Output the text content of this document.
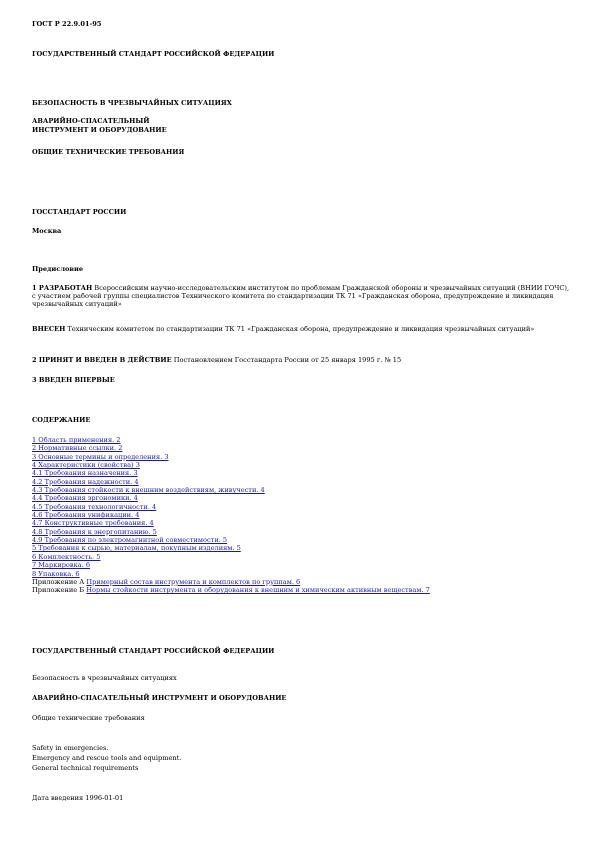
ГОСТ Р 22.9.01-95
ГОСУДАРСТВЕННЫЙ СТАНДАРТ РОССИЙСКОЙ ФЕДЕРАЦИИ
БЕЗОПАСНОСТЬ В ЧРЕЗВЫЧАЙНЫХ СИТУАЦИЯХ
АВАРИЙНО-СПАСАТЕЛЬНЫЙ
ИНСТРУМЕНТ И ОБОРУДОВАНИЕ
ОБЩИЕ ТЕХНИЧЕСКИЕ ТРЕБОВАНИЯ
ГОССТАНДАРТ РОССИИ
Москва
Предисловие
1 РАЗРАБОТАН Всероссийским научно-исследовательским институтом по проблемам Гражданской обороны и чрезвычайных ситуаций (ВНИИ ГОЧС), с участием рабочей группы специалистов Технического комитета по стандартизации ТК 71 «Гражданская оборона, предупреждение и ликвидация чрезвычайных ситуаций»
ВНЕСЕН Техническим комитетом по стандартизации ТК 71 «Гражданская оборона, предупреждение и ликвидация чрезвычайных ситуаций»
2 ПРИНЯТ И ВВЕДЕН В ДЕЙСТВИЕ Постановлением Госстандарта России от 25 января 1995 г. № 15
3 ВВЕДЕН ВПЕРВЫЕ
СОДЕРЖАНИЕ
1 Область применения. 2
2 Нормативные ссылки. 2
3 Основные термины и определения. 3
4 Характеристики (свойства) 3
4.1 Требования назначения. 3
4.2 Требования надежности. 4
4.3 Требования стойкости к внешним воздействиям, живучести. 4
4.4 Требования эргономики. 4
4.5 Требования технологичности. 4
4.6 Требования унификации. 4
4.7 Конструктивные требования. 4
4.8 Требования к энергопитанию. 5
4.9 Требования по электромагнитной совместимости. 5
5 Требования к сырью, материалам, покупным изделиям. 5
6 Комплектность. 5
7 Маркировка. 6
8 Упаковка. 6
Приложение А Примерный состав инструмента и комплектов по группам. 6
Приложение Б Нормы стойкости инструмента и оборудования к внешним и химическим активным веществам. 7
ГОСУДАРСТВЕННЫЙ СТАНДАРТ РОССИЙСКОЙ ФЕДЕРАЦИИ
Безопасность в чрезвычайных ситуациях
АВАРИЙНО-СПАСАТЕЛЬНЫЙ ИНСТРУМЕНТ И ОБОРУДОВАНИЕ
Общие технические требования
Safety in emergencies.
Emergency and rescue tools and equipment.
General technical requirements
Дата введения 1996-01-01
